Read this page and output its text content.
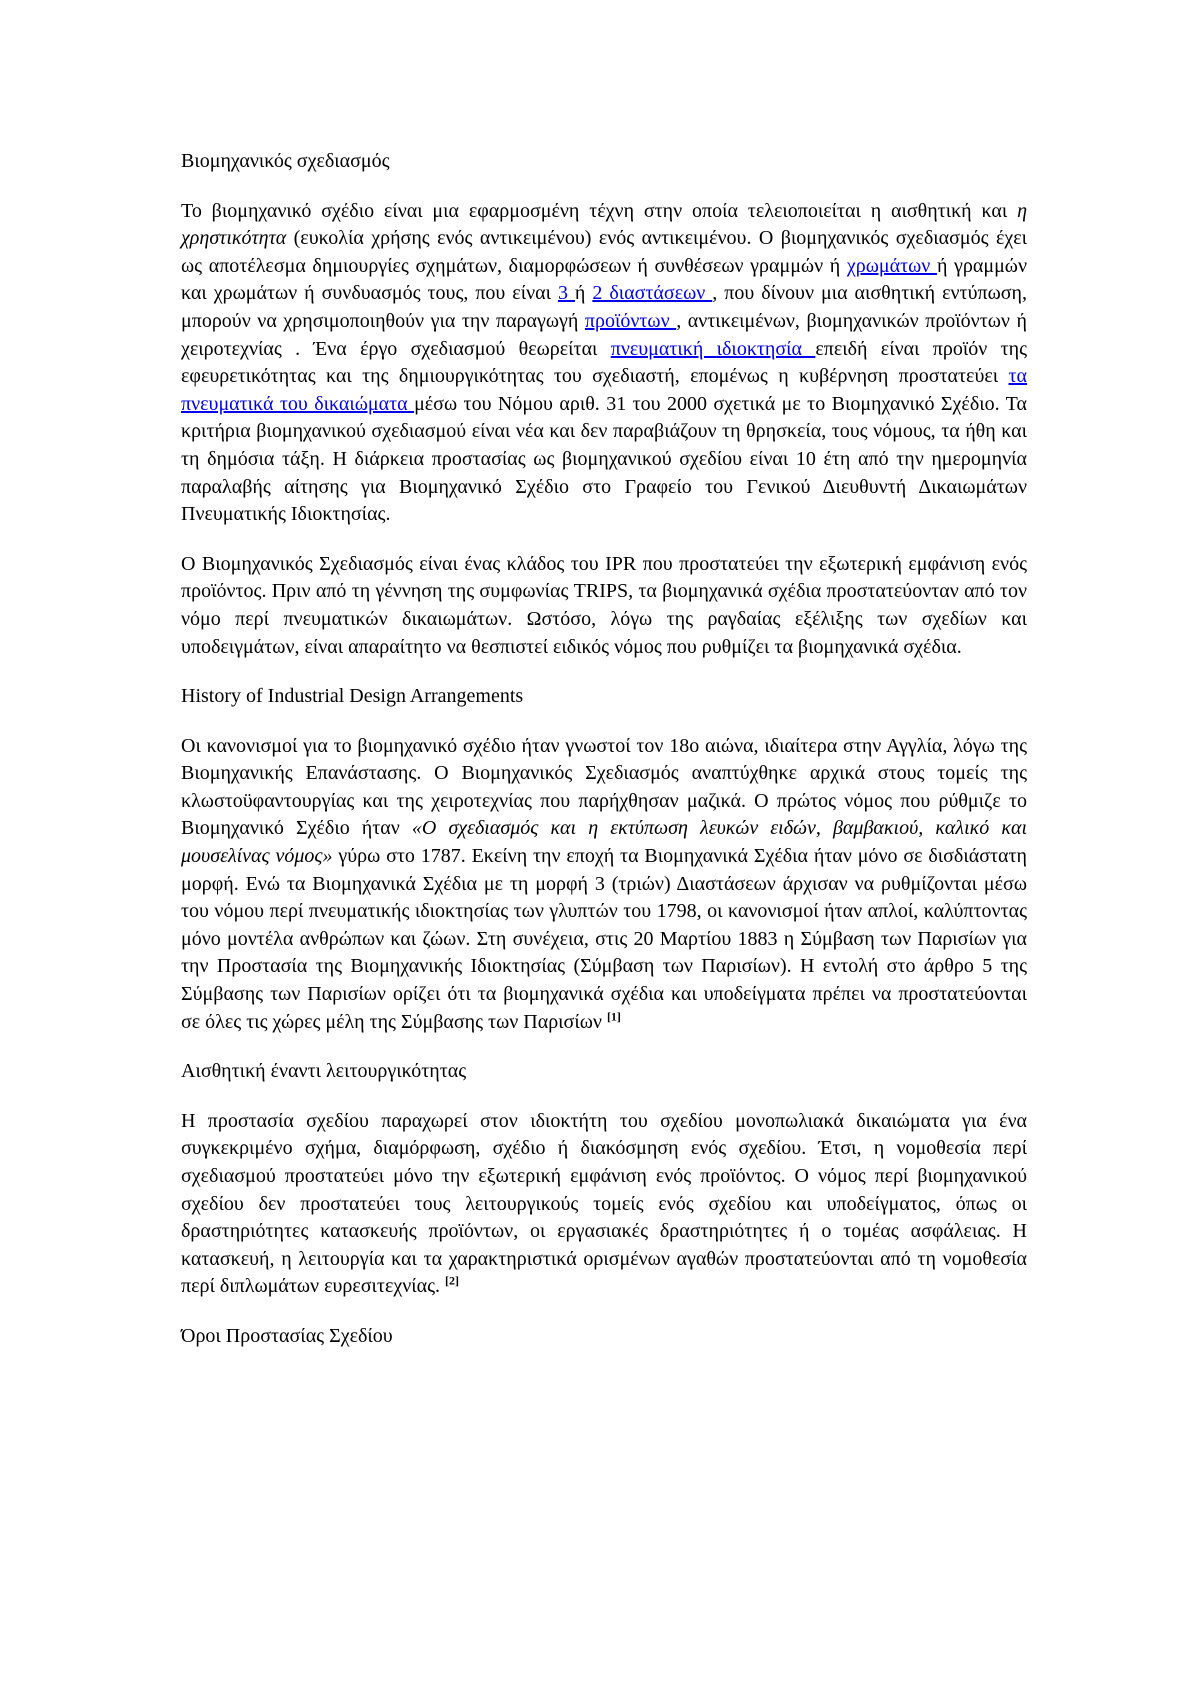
Βιομηχανικός σχεδιασμός

Το βιομηχανικό σχέδιο είναι μια εφαρμοσμένη τέχνη στην οποία τελειοποιείται η αισθητική και η χρηστικότητα (ευκολία χρήσης ενός αντικειμένου) ενός αντικειμένου. Ο βιομηχανικός σχεδιασμός έχει ως αποτέλεσμα δημιουργίες σχημάτων, διαμορφώσεων ή συνθέσεων γραμμών ή χρωμάτων ή γραμμών και χρωμάτων ή συνδυασμός τους, που είναι 3 ή 2 διαστάσεων , που δίνουν μια αισθητική εντύπωση, μπορούν να χρησιμοποιηθούν για την παραγωγή προϊόντων , αντικειμένων, βιομηχανικών προϊόντων ή χειροτεχνίας . Ένα έργο σχεδιασμού θεωρείται πνευματική ιδιοκτησία επειδή είναι προϊόν της εφευρετικότητας και της δημιουργικότητας του σχεδιαστή, επομένως η κυβέρνηση προστατεύει τα πνευματικά του δικαιώματα μέσω του Νόμου αριθ. 31 του 2000 σχετικά με το Βιομηχανικό Σχέδιο. Τα κριτήρια βιομηχανικού σχεδιασμού είναι νέα και δεν παραβιάζουν τη θρησκεία, τους νόμους, τα ήθη και τη δημόσια τάξη. Η διάρκεια προστασίας ως βιομηχανικού σχεδίου είναι 10 έτη από την ημερομηνία παραλαβής αίτησης για Βιομηχανικό Σχέδιο στο Γραφείο του Γενικού Διευθυντή Δικαιωμάτων Πνευματικής Ιδιοκτησίας.

Ο Βιομηχανικός Σχεδιασμός είναι ένας κλάδος του IPR που προστατεύει την εξωτερική εμφάνιση ενός προϊόντος. Πριν από τη γέννηση της συμφωνίας TRIPS, τα βιομηχανικά σχέδια προστατεύονταν από τον νόμο περί πνευματικών δικαιωμάτων. Ωστόσο, λόγω της ραγδαίας εξέλιξης των σχεδίων και υποδειγμάτων, είναι απαραίτητο να θεσπιστεί ειδικός νόμος που ρυθμίζει τα βιομηχανικά σχέδια.

History of Industrial Design Arrangements

Οι κανονισμοί για το βιομηχανικό σχέδιο ήταν γνωστοί τον 18ο αιώνα, ιδιαίτερα στην Αγγλία, λόγω της Βιομηχανικής Επανάστασης. Ο Βιομηχανικός Σχεδιασμός αναπτύχθηκε αρχικά στους τομείς της κλωστοϋφαντουργίας και της χειροτεχνίας που παρήχθησαν μαζικά. Ο πρώτος νόμος που ρύθμιζε το Βιομηχανικό Σχέδιο ήταν «Ο σχεδιασμός και η εκτύπωση λευκών ειδών, βαμβακιού, καλικό και μουσελίνας νόμος» γύρω στο 1787. Εκείνη την εποχή τα Βιομηχανικά Σχέδια ήταν μόνο σε δισδιάστατη μορφή. Ενώ τα Βιομηχανικά Σχέδια με τη μορφή 3 (τριών) Διαστάσεων άρχισαν να ρυθμίζονται μέσω του νόμου περί πνευματικής ιδιοκτησίας των γλυπτών του 1798, οι κανονισμοί ήταν απλοί, καλύπτοντας μόνο μοντέλα ανθρώπων και ζώων. Στη συνέχεια, στις 20 Μαρτίου 1883 η Σύμβαση των Παρισίων για την Προστασία της Βιομηχανικής Ιδιοκτησίας (Σύμβαση των Παρισίων). Η εντολή στο άρθρο 5 της Σύμβασης των Παρισίων ορίζει ότι τα βιομηχανικά σχέδια και υποδείγματα πρέπει να προστατεύονται σε όλες τις χώρες μέλη της Σύμβασης των Παρισίων [1]

Αισθητική έναντι λειτουργικότητας

Η προστασία σχεδίου παραχωρεί στον ιδιοκτήτη του σχεδίου μονοπωλιακά δικαιώματα για ένα συγκεκριμένο σχήμα, διαμόρφωση, σχέδιο ή διακόσμηση ενός σχεδίου. Έτσι, η νομοθεσία περί σχεδιασμού προστατεύει μόνο την εξωτερική εμφάνιση ενός προϊόντος. Ο νόμος περί βιομηχανικού σχεδίου δεν προστατεύει τους λειτουργικούς τομείς ενός σχεδίου και υποδείγματος, όπως οι δραστηριότητες κατασκευής προϊόντων, οι εργασιακές δραστηριότητες ή ο τομέας ασφάλειας. Η κατασκευή, η λειτουργία και τα χαρακτηριστικά ορισμένων αγαθών προστατεύονται από τη νομοθεσία περί διπλωμάτων ευρεσιτεχνίας. [2]

Όροι Προστασίας Σχεδίου
